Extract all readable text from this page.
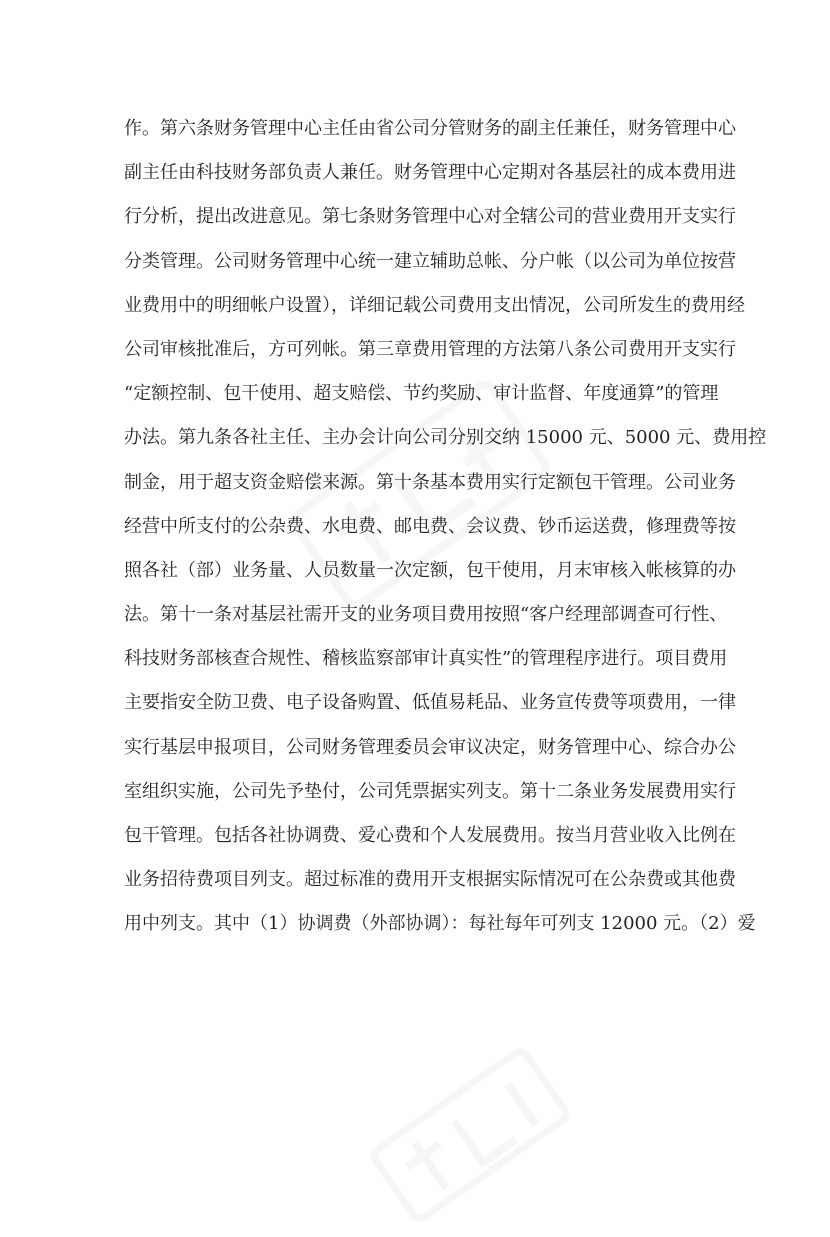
作。第六条财务管理中心主任由省公司分管财务的副主任兼任，财务管理中心
副主任由科技财务部负责人兼任。财务管理中心定期对各基层社的成本费用进
行分析，提出改进意见。第七条财务管理中心对全辖公司的营业费用开支实行
分类管理。公司财务管理中心统一建立辅助总帐、分户帐（以公司为单位按营
业费用中的明细帐户设置），详细记载公司费用支出情况，公司所发生的费用经
公司审核批准后，方可列帐。第三章费用管理的方法第八条公司费用开支实行
“定额控制、包干使用、超支赔偿、节约奖励、审计监督、年度通算”的管理
办法。第九条各社主任、主办会计向公司分别交纳 15000 元、5000 元、费用控
制金，用于超支资金赔偿来源。第十条基本费用实行定额包干管理。公司业务
经营中所支付的公杂费、水电费、邮电费、会议费、钞币运送费，修理费等按
照各社（部）业务量、人员数量一次定额，包干使用，月末审核入帐核算的办
法。第十一条对基层社需开支的业务项目费用按照“客户经理部调查可行性、
科技财务部核查合规性、稽核监察部审计真实性”的管理程序进行。项目费用
主要指安全防卫费、电子设备购置、低值易耗品、业务宣传费等项费用，一律
实行基层申报项目，公司财务管理委员会审议决定，财务管理中心、综合办公
室组织实施，公司先予垫付，公司凭票据实列支。第十二条业务发展费用实行
包干管理。包括各社协调费、爱心费和个人发展费用。按当月营业收入比例在
业务招待费项目列支。超过标准的费用开支根据实际情况可在公杂费或其他费
用中列支。其中（1）协调费（外部协调）：每社每年可列支 12000 元。（2）爱
